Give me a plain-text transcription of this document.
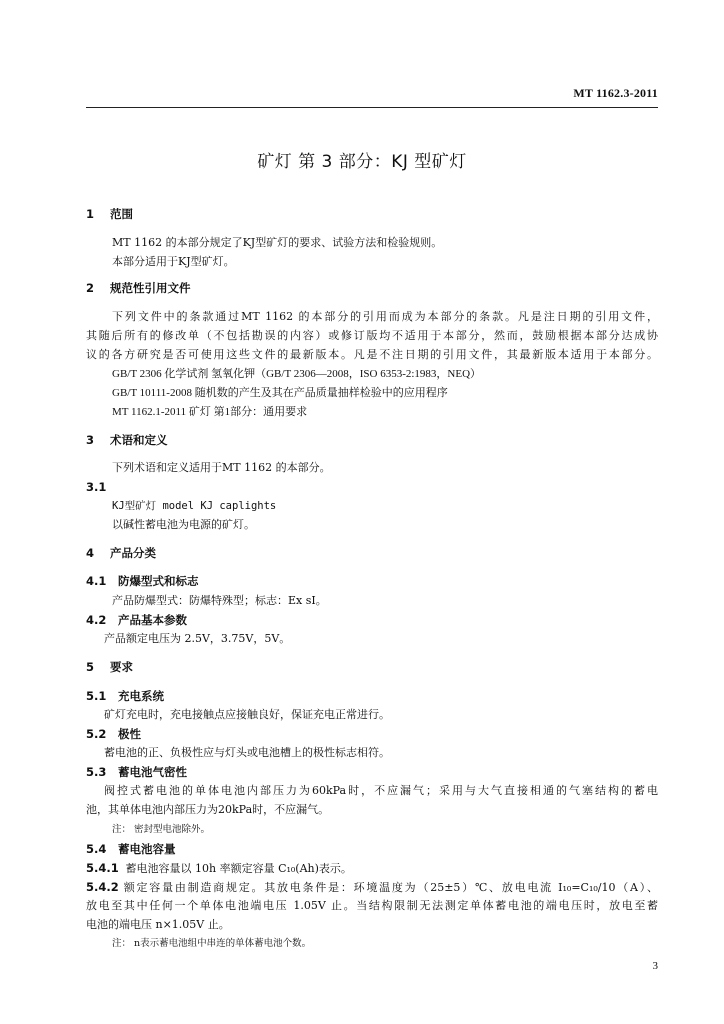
MT 1162.3-2011
矿灯 第 3 部分：KJ 型矿灯
1 范围
MT 1162 的本部分规定了KJ型矿灯的要求、试验方法和检验规则。
本部分适用于KJ型矿灯。
2 规范性引用文件
下列文件中的条款通过MT 1162 的本部分的引用而成为本部分的条款。凡是注日期的引用文件，
其随后所有的修改单（不包括勘误的内容）或修订版均不适用于本部分，然而，鼓励根据本部分达成协
议的各方研究是否可使用这些文件的最新版本。凡是不注日期的引用文件，其最新版本适用于本部分。
GB/T 2306 化学试剂 氢氧化钾（GB/T 2306—2008，ISO 6353-2:1983，NEQ）
GB/T 10111-2008 随机数的产生及其在产品质量抽样检验中的应用程序
MT 1162.1-2011 矿灯 第1部分：通用要求
3 术语和定义
下列术语和定义适用于MT 1162 的本部分。
3.1
KJ型矿灯 model KJ caplights
以碱性蓄电池为电源的矿灯。
4 产品分类
4.1 防爆型式和标志
产品防爆型式：防爆特殊型；标志：Ex sI。
4.2 产品基本参数
产品额定电压为 2.5V，3.75V，5V。
5 要求
5.1 充电系统
矿灯充电时，充电接触点应接触良好，保证充电正常进行。
5.2 极性
蓄电池的正、负极性应与灯头或电池槽上的极性标志相符。
5.3 蓄电池气密性
阀控式蓄电池的单体电池内部压力为60kPa时，不应漏气；采用与大气直接相通的气塞结构的蓄电
池，其单体电池内部压力为20kPa时，不应漏气。
注： 密封型电池除外。
5.4 蓄电池容量
5.4.1 蓄电池容量以 10h 率额定容量 C₁₀(Ah)表示。
5.4.2 额定容量由制造商规定。其放电条件是：环境温度为（25±5）℃、放电电流 I₁₀=C₁₀/10（A）、
放电至其中任何一个单体电池端电压 1.05V 止。当结构限制无法测定单体蓄电池的端电压时，放电至蓄
电池的端电压 n×1.05V 止。
注： n表示蓄电池组中串连的单体蓄电池个数。
3
